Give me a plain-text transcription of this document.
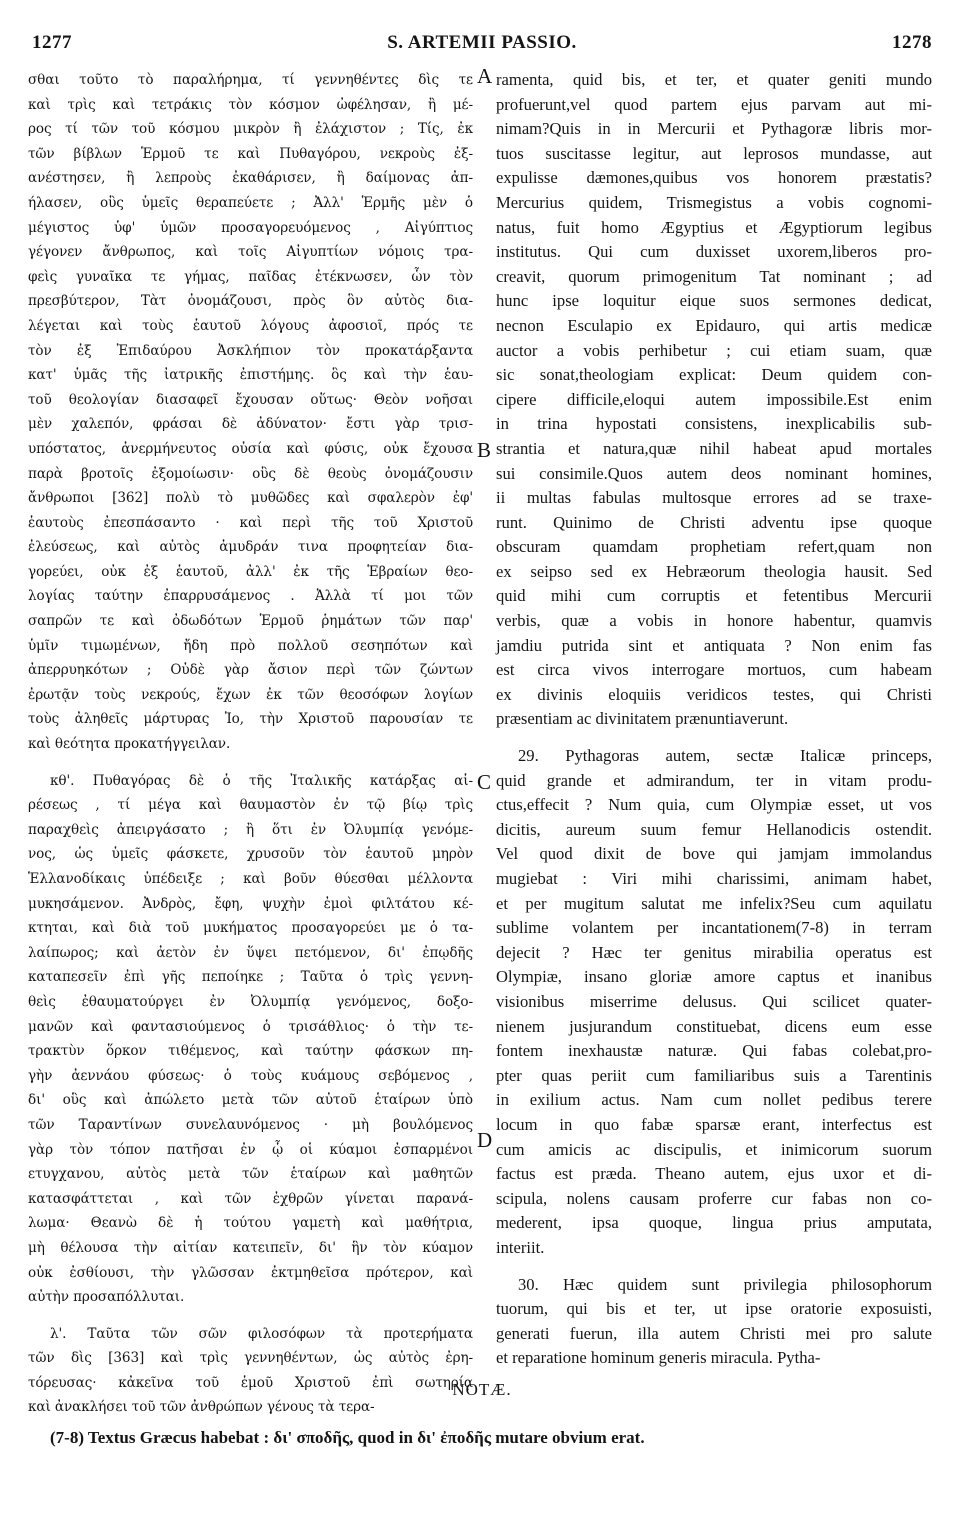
1277	S. ARTEMII PASSIO.	1278
σθαι τοῦτο τὸ παραλήρημα, τί γεννηθέντες δὶς τε
καὶ τρὶς καὶ τετράκις τὸν κόσμον ὠφέλησαν, ἢ μέ-
ρος τί τῶν τοῦ κόσμου μικρὸν ἢ ἐλάχιστον ; Τίς, ἐκ
τῶν βίβλων Ἑρμοῦ τε καὶ Πυθαγόρου, νεκροὺς ἐξ-
ανέστησεν, ἢ λεπροὺς ἐκαθάρισεν, ἢ δαίμονας ἀπ-
ήλασεν, οὓς ὑμεῖς θεραπεύετε ; Ἀλλ' Ἑρμῆς μὲν ὁ
μέγιστος ὑφ' ὑμῶν προσαγορευόμενος , Αἰγύπτιος
γέγονεν ἄνθρωπος, καὶ τοῖς Αἰγυπτίων νόμοις τρα-
φεὶς γυναῖκα τε γήμας, παῖδας ἐτέκνωσεν, ὧν τὸν
πρεσβύτερον, Τὰτ ὀνομάζουσι, πρὸς ὃν αὐτὸς δια-
λέγεται καὶ τοὺς ἑαυτοῦ λόγους ἀφοσιοῖ, πρός τε
τὸν ἐξ Ἐπιδαύρου Ἀσκλήπιον τὸν προκατάρξαντα
κατ' ὑμᾶς τῆς ἰατρικῆς ἐπιστήμης. ὃς καὶ τὴν ἑαυ-
τοῦ θεολογίαν διασαφεῖ ἔχουσαν οὕτως· Θεὸν νοῆσαι
μὲν χαλεπόν, φράσαι δὲ ἀδύνατον· ἔστι γὰρ τρισ-
υπόστατος, ἀνερμήνευτος οὐσία καὶ φύσις, οὐκ ἔχουσα
παρὰ βροτοῖς ἐξομοίωσιν· οὓς δὲ θεοὺς ὀνομάζουσιν
ἄνθρωποι [362] πολὺ τὸ μυθῶδες καὶ σφαλερὸν ἐφ'
ἑαυτοὺς ἐπεσπάσαντο · καὶ περὶ τῆς τοῦ Χριστοῦ
ἐλεύσεως, καὶ αὐτὸς ἀμυδράν τινα προφητείαν δια-
γορεύει, οὐκ ἐξ ἑαυτοῦ, ἀλλ' ἐκ τῆς Ἑβραίων θεο-
λογίας ταύτην ἐπαρρυσάμενος . Ἀλλὰ τί μοι τῶν
σαπρῶν τε καὶ ὀδωδότων Ἑρμοῦ ῥημάτων τῶν παρ'
ὑμῖν τιμωμένων, ἤδη πρὸ πολλοῦ σεσηπότων καὶ
ἀπερρυηκότων ; Οὐδὲ γὰρ ἄσιον περὶ τῶν ζώντων
ἐρωτᾷν τοὺς νεκρούς, ἔχων ἐκ τῶν θεοσόφων λογίων
τοὺς ἀληθεῖς μάρτυρας Ἰο, τὴν Χριστοῦ παρουσίαν τε
καὶ θεότητα προκατήγγειλαν.
κθ'. Πυθαγόρας δὲ ὁ τῆς Ἰταλικῆς κατάρξας αἱ-
ρέσεως , τί μέγα καὶ θαυμαστὸν ἐν τῷ βίῳ τρὶς
παραχθεὶς ἀπειργάσατο ; ἢ ὅτι ἐν Ὀλυμπίᾳ γενόμε-
νος, ὡς ὑμεῖς φάσκετε, χρυσοῦν τὸν ἑαυτοῦ μηρὸν
Ἑλλανοδίκαις ὑπέδειξε ; καὶ βοῦν θύεσθαι μέλλοντα
μυκησάμενον. Ἀνδρὸς, ἔφη, ψυχὴν ἐμοὶ φιλτάτου κέ-
κτηται, καὶ διὰ τοῦ μυκήματος προσαγορεύει με ὁ τα-
λαίπωρος; καὶ ἀετὸν ἐν ὕψει πετόμενον, δι' ἐπῳδῆς
καταπεσεῖν ἐπὶ γῆς πεποίηκε ; Ταῦτα ὁ τρὶς γεννη-
θεὶς ἐθαυματούργει ἐν Ὀλυμπίᾳ γενόμενος, δοξο-
μανῶν καὶ φαντασιούμενος ὁ τρισάθλιος· ὁ τὴν τε-
τρακτὺν ὅρκον τιθέμενος, καὶ ταύτην φάσκων πη-
γὴν ἀεννάου φύσεως· ὁ τοὺς κυάμους σεβόμενος ,
δι' οὓς καὶ ἀπώλετο μετὰ τῶν αὐτοῦ ἑταίρων ὑπὸ
τῶν Ταραντίνων συνελαυνόμενος · μὴ βουλόμενος
γὰρ τὸν τόπον πατῆσαι ἐν ᾧ οἱ κύαμοι ἐσπαρμένοι
ετυγχανου, αὐτὸς μετὰ τῶν ἑταίρων καὶ μαθητῶν
κατασφάττεται , καὶ τῶν ἐχθρῶν γίνεται παρανά-
λωμα· Θεανὼ δὲ ἡ τούτου γαμετὴ καὶ μαθήτρια,
μὴ θέλουσα τὴν αἰτίαν κατειπεῖν, δι' ἣν τὸν κύαμον
οὐκ ἐσθίουσι, τὴν γλῶσσαν ἐκτμηθεῖσα πρότερον, καὶ
αὐτὴν προσαπόλλυται.
λ'. Ταῦτα τῶν σῶν φιλοσόφων τὰ προτερήματα
τῶν δὶς [363] καὶ τρὶς γεννηθέντων, ὡς αὐτὸς ἐρη-
τόρευσας· κἀκεῖνα τοῦ ἐμοῦ Χριστοῦ ἐπὶ σωτηρίᾳ
καὶ ἀνακλήσει τοῦ τῶν ἀνθρώπων γένους τὰ τερα-
ramenta, quid bis, et ter, et quater geniti mundo
profuerunt,vel quod partem ejus parvam aut mi-
nimam?Quis in in Mercurii et Pythagoræ libris mor-
tuos suscitasse legitur, aut leprosos mundasse, aut
expulisse dæmones,quibus vos honorem præstatis?
Mercurius quidem, Trismegistus a vobis cognomi-
natus, fuit homo Ægyptius et Ægyptiorum legibus
institutus. Qui cum duxisset uxorem,liberos pro-
creavit, quorum primogenitum Tat nominant ; ad
hunc ipse loquitur eique suos sermones dedicat,
necnon Esculapio ex Epidauro, qui artis medicæ
auctor a vobis perhibetur ; cui etiam suam, quæ
sic sonat,theologiam explicat: Deum quidem con-
cipere difficile,eloqui autem impossibile.Est enim
in trina hypostati consistens, inexplicabilis sub-
strantia et natura,quæ nihil habeat apud mortales
sui consimile.Quos autem deos nominant homines,
ii multas fabulas multosque errores ad se traxe-
runt. Quinimo de Christi adventu ipse quoque
obscuram quamdam prophetiam refert,quam non
ex seipso sed ex Hebræorum theologia hausit. Sed
quid mihi cum corruptis et fetentibus Mercurii
verbis, quæ a vobis in honore habentur, quamvis
jamdiu putrida sint et antiquata ? Non enim fas
est circa vivos interrogare mortuos, cum habeam
ex divinis eloquiis veridicos testes, qui Christi
præsentiam ac divinitatem prænuntiaverunt.
29. Pythagoras autem, sectæ Italicæ princeps,
quid grande et admirandum, ter in vitam produ-
ctus,effecit ? Num quia, cum Olympiæ esset, ut vos
dicitis, aureum suum femur Hellanodicis ostendit.
Vel quod dixit de bove qui jamjam immolandus
mugiebat : Viri mihi charissimi, animam habet,
et per mugitum salutat me infelix?Seu cum aquilatu
sublime volantem per incantationem(7-8) in terram
dejecit ? Hæc ter genitus mirabilia operatus est
Olympiæ, insano gloriæ amore captus et inanibus
visionibus miserrime delusus. Qui scilicet quater-
nienem jusjurandum constituebat, dicens eum esse
fontem inexhaustæ naturæ. Qui fabas colebat,pro-
pter quas periit cum familiaribus suis a Tarentinis
in exilium actus. Nam cum nollet pedibus terere
locum in quo fabæ sparsæ erant, interfectus est
cum amicis ac discipulis, et inimicorum suorum
factus est præda. Theano autem, ejus uxor et di-
scipula, nolens causam proferre cur fabas non co-
mederent, ipsa quoque, lingua prius amputata,
interiit.
30. Hæc quidem sunt privilegia philosophorum
tuorum, qui bis et ter, ut ipse oratorie exposuisti,
generati fuerun, illa autem Christi mei pro salute
et reparatione hominum generis miracula. Pytha-
A
B
C
D
NOTÆ.
(7-8) Textus Græcus habebat : δι' σποδῆς, quod in δι' ἐποδῆς mutare obvium erat.
